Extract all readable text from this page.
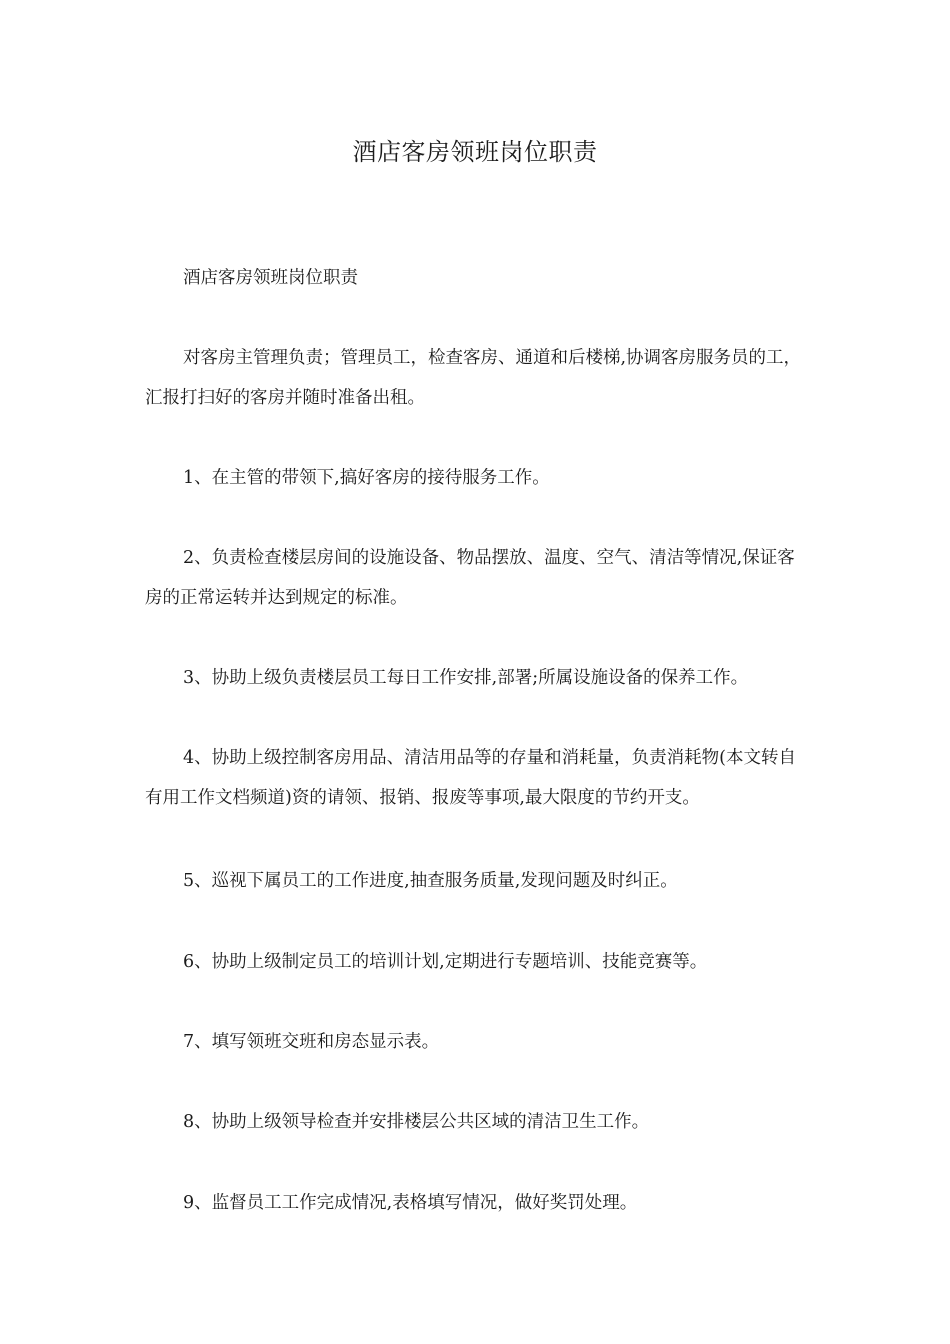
酒店客房领班岗位职责

酒店客房领班岗位职责

对客房主管理负责；管理员工，检查客房、通道和后楼梯,协调客房服务员的工，汇报打扫好的客房并随时准备出租。

1、在主管的带领下,搞好客房的接待服务工作。

2、负责检查楼层房间的设施设备、物品摆放、温度、空气、清洁等情况,保证客房的正常运转并达到规定的标准。

3、协助上级负责楼层员工每日工作安排,部署;所属设施设备的保养工作。

4、协助上级控制客房用品、清洁用品等的存量和消耗量，负责消耗物(本文转自有用工作文档频道)资的请领、报销、报废等事项,最大限度的节约开支。

5、巡视下属员工的工作进度,抽查服务质量,发现问题及时纠正。

6、协助上级制定员工的培训计划,定期进行专题培训、技能竞赛等。

7、填写领班交班和房态显示表。

8、协助上级领导检查并安排楼层公共区域的清洁卫生工作。

9、监督员工工作完成情况,表格填写情况，做好奖罚处理。
